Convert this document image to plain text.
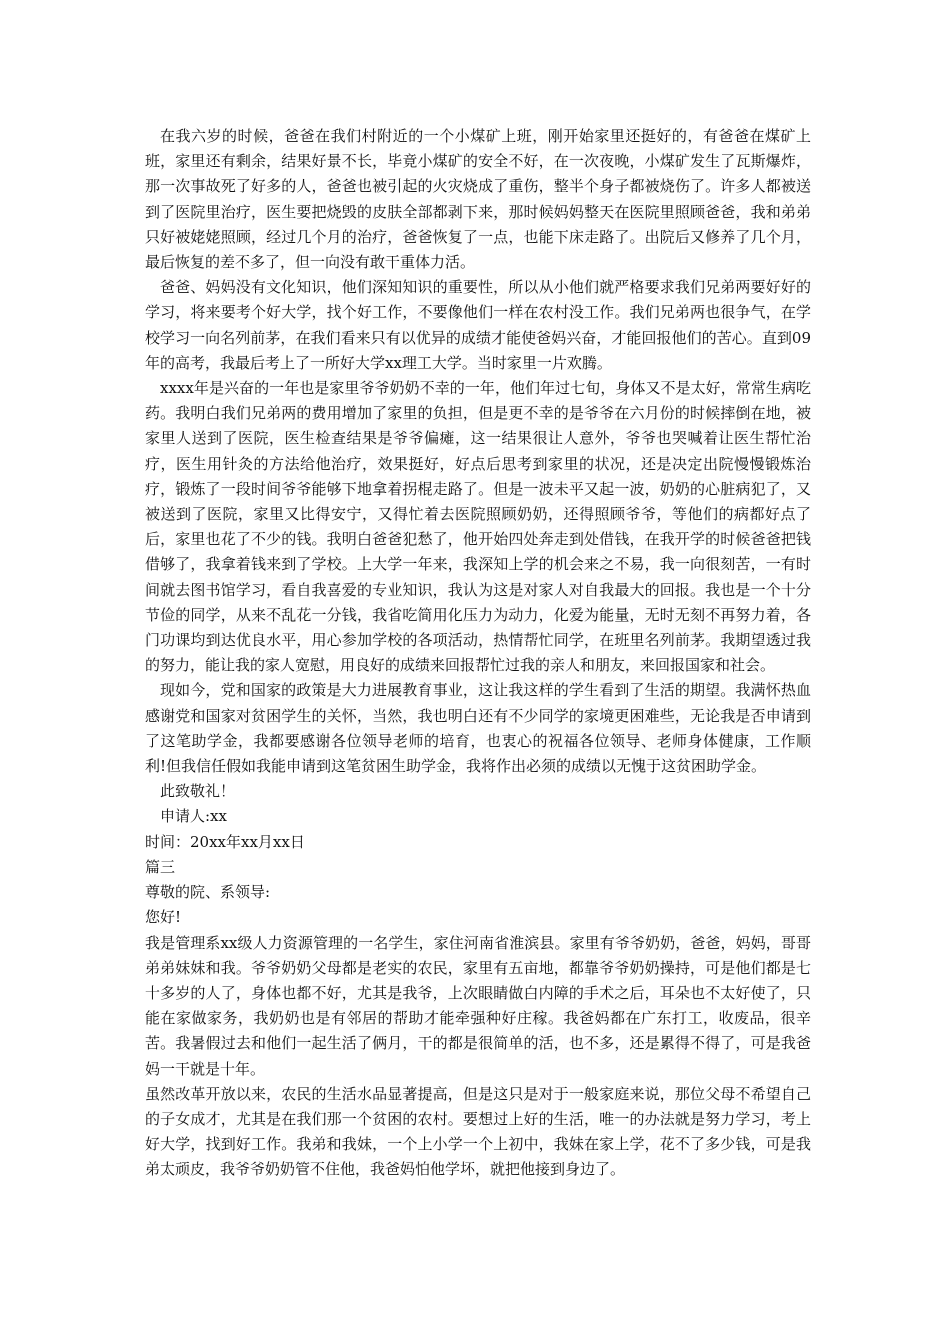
在我六岁的时候，爸爸在我们村附近的一个小煤矿上班，刚开始家里还挺好的，有爸爸在煤矿上班，家里还有剩余，结果好景不长，毕竟小煤矿的安全不好，在一次夜晚，小煤矿发生了瓦斯爆炸，那一次事故死了好多的人，爸爸也被引起的火灾烧成了重伤，整半个身子都被烧伤了。许多人都被送到了医院里治疗，医生要把烧毁的皮肤全部都剥下来，那时候妈妈整天在医院里照顾爸爸，我和弟弟只好被姥姥照顾，经过几个月的治疗，爸爸恢复了一点，也能下床走路了。出院后又修养了几个月，最后恢复的差不多了，但一向没有敢干重体力活。

爸爸、妈妈没有文化知识，他们深知知识的重要性，所以从小他们就严格要求我们兄弟两要好好的学习，将来要考个好大学，找个好工作，不要像他们一样在农村没工作。我们兄弟两也很争气，在学校学习一向名列前茅，在我们看来只有以优异的成绩才能使爸妈兴奋，才能回报他们的苦心。直到09年的高考，我最后考上了一所好大学xx理工大学。当时家里一片欢腾。

xxxx年是兴奋的一年也是家里爷爷奶奶不幸的一年，他们年过七旬，身体又不是太好，常常生病吃药。我明白我们兄弟两的费用增加了家里的负担，但是更不幸的是爷爷在六月份的时候摔倒在地，被家里人送到了医院，医生检查结果是爷爷偏瘫，这一结果很让人意外，爷爷也哭喊着让医生帮忙治疗，医生用针灸的方法给他治疗，效果挺好，好点后思考到家里的状况，还是决定出院慢慢锻炼治疗，锻炼了一段时间爷爷能够下地拿着拐棍走路了。但是一波未平又起一波，奶奶的心脏病犯了，又被送到了医院，家里又比得安宁，又得忙着去医院照顾奶奶，还得照顾爷爷，等他们的病都好点了后，家里也花了不少的钱。我明白爸爸犯愁了，他开始四处奔走到处借钱，在我开学的时候爸爸把钱借够了，我拿着钱来到了学校。上大学一年来，我深知上学的机会来之不易，我一向很刻苦，一有时间就去图书馆学习，看自我喜爱的专业知识，我认为这是对家人对自我最大的回报。我也是一个十分节俭的同学，从来不乱花一分钱，我省吃简用化压力为动力，化爱为能量，无时无刻不再努力着，各门功课均到达优良水平，用心参加学校的各项活动，热情帮忙同学，在班里名列前茅。我期望透过我的努力，能让我的家人宽慰，用良好的成绩来回报帮忙过我的亲人和朋友，来回报国家和社会。

现如今，党和国家的政策是大力进展教育事业，这让我这样的学生看到了生活的期望。我满怀热血感谢党和国家对贫困学生的关怀，当然，我也明白还有不少同学的家境更困难些，无论我是否申请到了这笔助学金，我都要感谢各位领导老师的培育，也衷心的祝福各位领导、老师身体健康，工作顺利!但我信任假如我能申请到这笔贫困生助学金，我将作出必须的成绩以无愧于这贫困助学金。

此致敬礼！

申请人:xx

时间：20xx年xx月xx日

篇三

尊敬的院、系领导:

您好!

我是管理系xx级人力资源管理的一名学生，家住河南省淮滨县。家里有爷爷奶奶，爸爸，妈妈，哥哥弟弟妹妹和我。爷爷奶奶父母都是老实的农民，家里有五亩地，都靠爷爷奶奶操持，可是他们都是七十多岁的人了，身体也都不好，尤其是我爷，上次眼睛做白内障的手术之后，耳朵也不太好使了，只能在家做家务，我奶奶也是有邻居的帮助才能牵强种好庄稼。我爸妈都在广东打工，收废品，很辛苦。我暑假过去和他们一起生活了俩月，干的都是很简单的活，也不多，还是累得不得了，可是我爸妈一干就是十年。

虽然改革开放以来，农民的生活水品显著提高，但是这只是对于一般家庭来说，那位父母不希望自己的子女成才，尤其是在我们那一个贫困的农村。要想过上好的生活，唯一的办法就是努力学习，考上好大学，找到好工作。我弟和我妹，一个上小学一个上初中，我妹在家上学，花不了多少钱，可是我弟太顽皮，我爷爷奶奶管不住他，我爸妈怕他学坏，就把他接到身边了。
